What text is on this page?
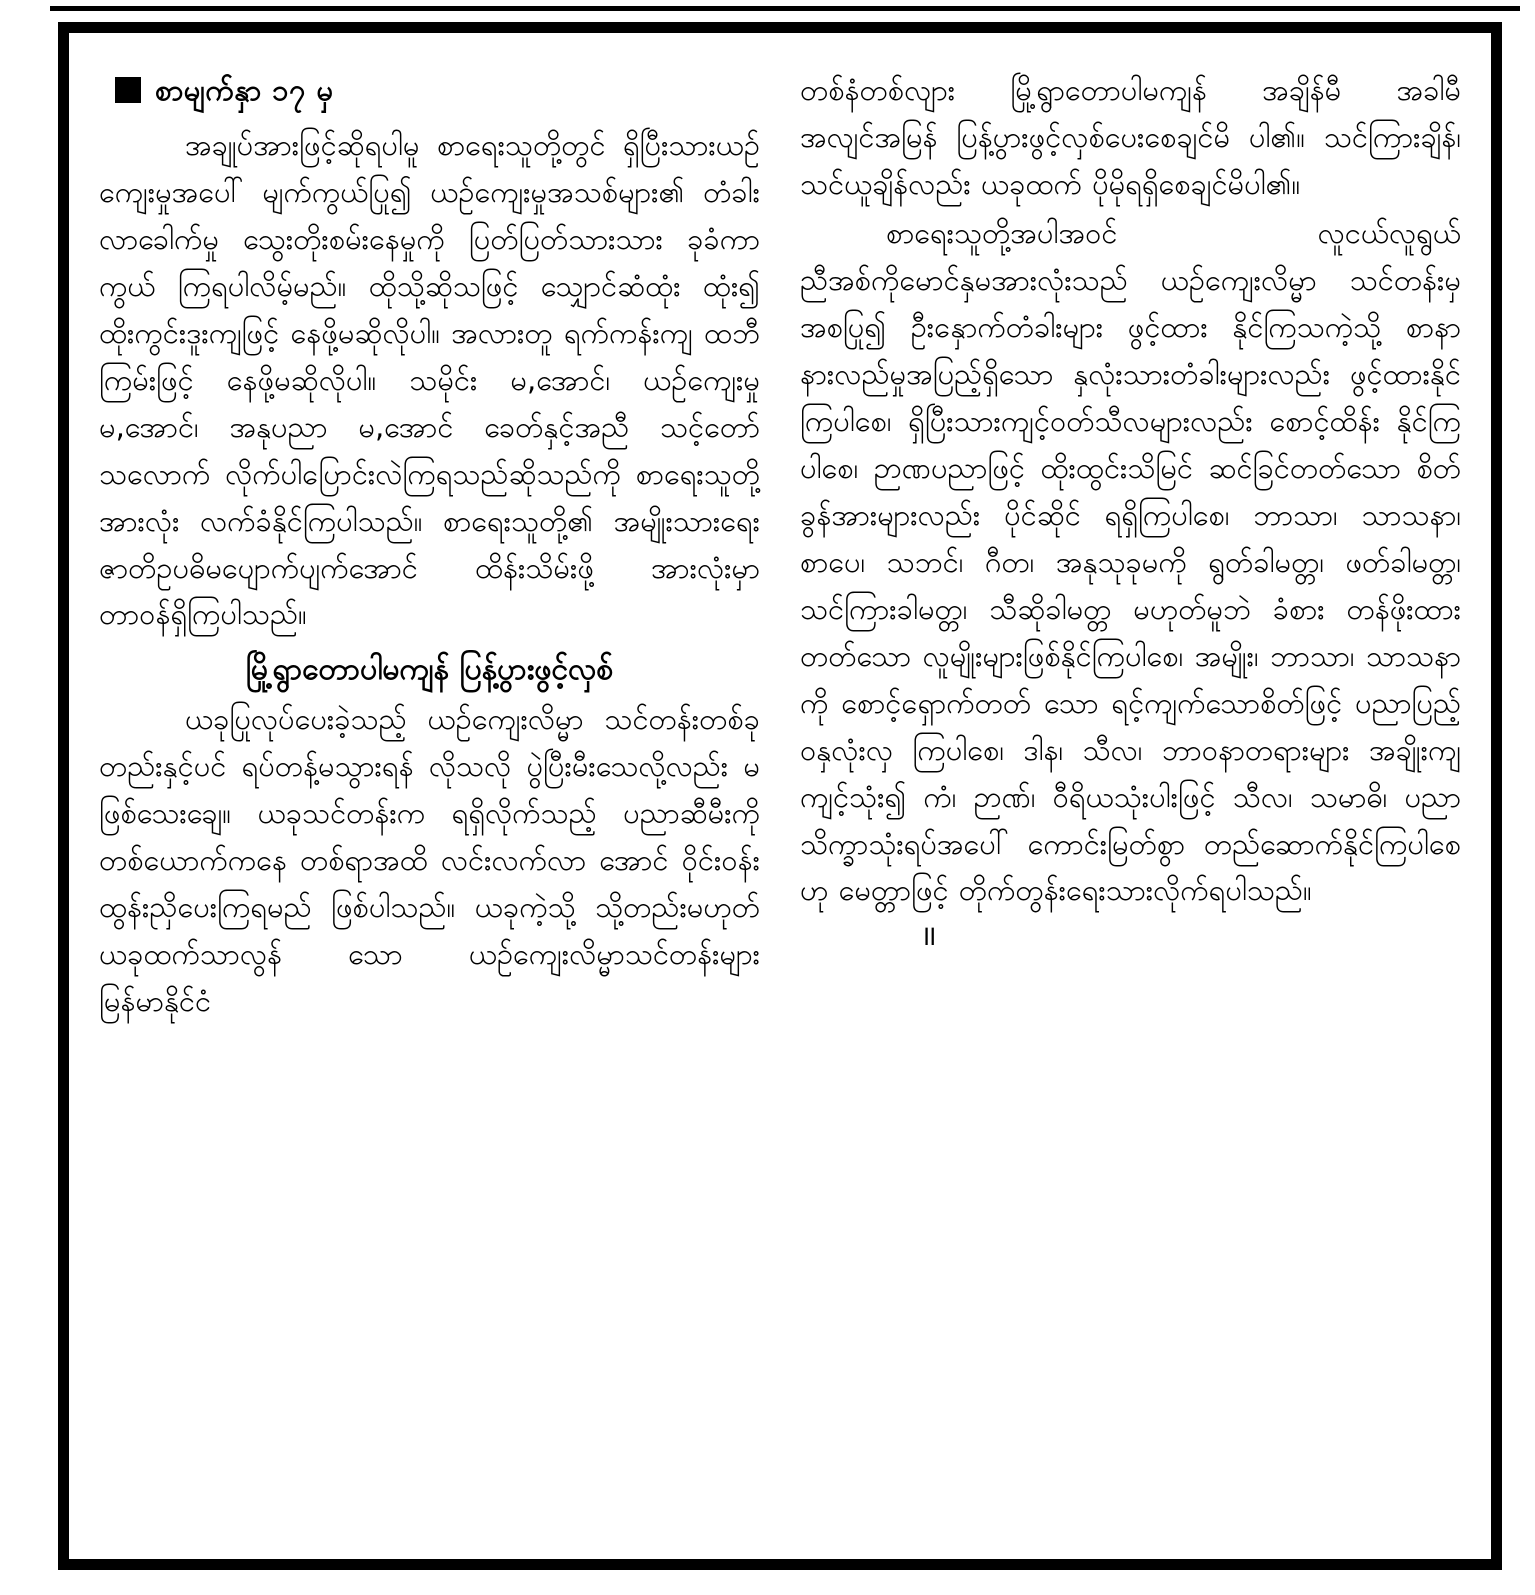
စာမျက်နှာ ၁၇ မှ

အချုပ်အားဖြင့်ဆိုရပါမူ စာရေးသူတို့တွင် ရှိပြီးသားယဉ်ကျေးမှုအပေါ် မျက်ကွယ်ပြု၍ ယဉ်ကျေးမှုအသစ်များ၏ တံခါးလာခေါက်မှု သွေးတိုးစမ်းနေမှုကို ပြတ်ပြတ်သားသား ခုခံကာကွယ် ကြရပါလိမ့်မည်။ ထိုသို့ဆိုသဖြင့် သျှောင်ဆံထုံး ထုံး၍ ထိုးကွင်းဒူးကျဖြင့် နေဖို့မဆိုလိုပါ။ အလားတူ ရက်ကန်းကျ ထဘီကြမ်းဖြင့် နေဖို့မဆိုလိုပါ။ သမိုင်း မ,အောင်၊ ယဉ်ကျေးမှု မ,အောင်၊ အနုပညာ မ,အောင် ခေတ်နှင့်အညီ သင့်တော်သလောက် လိုက်ပါပြောင်းလဲကြရသည်ဆိုသည်ကို စာရေးသူတို့ အားလုံး လက်ခံနိုင်ကြပါသည်။ စာရေးသူတို့၏ အမျိုးသားရေး ဇာတိဥပဓိမပျောက်ပျက်အောင် ထိန်းသိမ်းဖို့ အားလုံးမှာ တာဝန်ရှိကြပါသည်။

မြို့ရွာတောပါမကျန် ပြန့်ပွားဖွင့်လှစ်

ယခုပြုလုပ်ပေးခဲ့သည့် ယဉ်ကျေးလိမ္မာ သင်တန်းတစ်ခုတည်းနှင့်ပင် ရပ်တန့်မသွားရန် လိုသလို ပွဲပြီးမီးသေလို့လည်း မဖြစ်သေးချေ။ ယခုသင်တန်းက ရရှိလိုက်သည့် ပညာဆီမီးကို တစ်ယောက်ကနေ တစ်ရာအထိ လင်းလက်လာ အောင် ဝိုင်းဝန်းထွန်းညှိပေးကြရမည် ဖြစ်ပါသည်။ ယခုကဲ့သို့ သို့တည်းမဟုတ် ယခုထက်သာလွန် သော ယဉ်ကျေးလိမ္မာသင်တန်းများ မြန်မာနိုင်ငံ

တစ်နံတစ်လျား မြို့ရွာတောပါမကျန် အချိန်မီ အခါမီ အလျင်အမြန် ပြန့်ပွားဖွင့်လှစ်ပေးစေချင်မိ ပါ၏။ သင်ကြားချိန်၊ သင်ယူချိန်လည်း ယခုထက် ပိုမိုရရှိစေချင်မိပါ၏။

စာရေးသူတို့အပါအဝင် လူငယ်လူရွယ် ညီအစ်ကိုမောင်နှမအားလုံးသည် ယဉ်ကျေးလိမ္မာ သင်တန်းမှ အစပြု၍ ဦးနှောက်တံခါးများ ဖွင့်ထား နိုင်ကြသကဲ့သို့ စာနာနားလည်မှုအပြည့်ရှိသော နှလုံးသားတံခါးများလည်း ဖွင့်ထားနိုင်ကြပါစေ၊ ရှိပြီးသားကျင့်ဝတ်သီလများလည်း စောင့်ထိန်း နိုင်ကြပါစေ၊ ဉာဏပညာဖြင့် ထိုးထွင်းသိမြင် ဆင်ခြင်တတ်သော စိတ်ခွန်အားများလည်း ပိုင်ဆိုင် ရရှိကြပါစေ၊ ဘာသာ၊ သာသနာ၊ စာပေ၊ သဘင်၊ ဂီတ၊ အနုသုခုမကို ရွတ်ခါမတ္တ၊ ဖတ်ခါမတ္တ၊ သင်ကြားခါမတ္တ၊ သီဆိုခါမတ္တ မဟုတ်မူဘဲ ခံစား တန်ဖိုးထားတတ်သော လူမျိုးများဖြစ်နိုင်ကြပါစေ၊ အမျိုး၊ ဘာသာ၊ သာသနာကို စောင့်ရှောက်တတ် သော ရင့်ကျက်သောစိတ်ဖြင့် ပညာပြည့်ဝနှလုံးလှ ကြပါစေ၊ ဒါန၊ သီလ၊ ဘာဝနာတရားများ အချိုးကျ ကျင့်သုံး၍ ကံ၊ ဉာဏ်၊ ဝီရိယသုံးပါးဖြင့် သီလ၊ သမာဓိ၊ ပညာ သိက္ခာသုံးရပ်အပေါ် ကောင်းမြတ်စွာ တည်ဆောက်နိုင်ကြပါစေဟု မေတ္တာဖြင့် တိုက်တွန်းရေးသားလိုက်ရပါသည်။

॥
